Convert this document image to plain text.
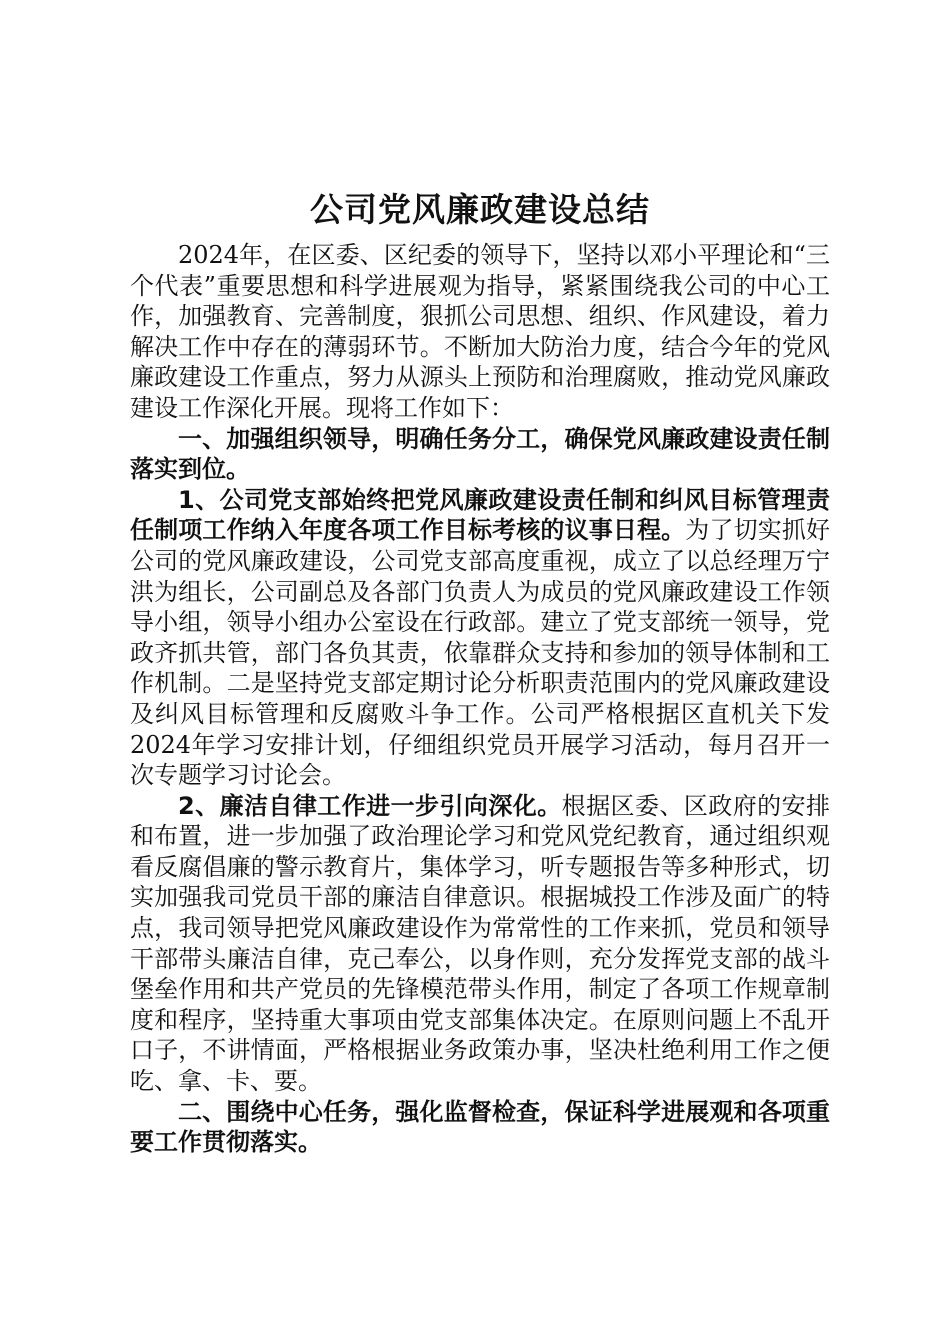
公司党风廉政建设总结

2024年，在区委、区纪委的领导下，坚持以邓小平理论和“三个代表”重要思想和科学进展观为指导，紧紧围绕我公司的中心工作，加强教育、完善制度，狠抓公司思想、组织、作风建设，着力解决工作中存在的薄弱环节。不断加大防治力度，结合今年的党风廉政建设工作重点，努力从源头上预防和治理腐败，推动党风廉政建设工作深化开展。现将工作如下：

一、加强组织领导，明确任务分工，确保党风廉政建设责任制落实到位。

1、公司党支部始终把党风廉政建设责任制和纠风目标管理责任制项工作纳入年度各项工作目标考核的议事日程。为了切实抓好公司的党风廉政建设，公司党支部高度重视，成立了以总经理万宁洪为组长，公司副总及各部门负责人为成员的党风廉政建设工作领导小组，领导小组办公室设在行政部。建立了党支部统一领导，党政齐抓共管，部门各负其责，依靠群众支持和参加的领导体制和工作机制。二是坚持党支部定期讨论分析职责范围内的党风廉政建设及纠风目标管理和反腐败斗争工作。公司严格根据区直机关下发2024年学习安排计划，仔细组织党员开展学习活动，每月召开一次专题学习讨论会。

2、廉洁自律工作进一步引向深化。根据区委、区政府的安排和布置，进一步加强了政治理论学习和党风党纪教育，通过组织观看反腐倡廉的警示教育片，集体学习，听专题报告等多种形式，切实加强我司党员干部的廉洁自律意识。根据城投工作涉及面广的特点，我司领导把党风廉政建设作为常常性的工作来抓，党员和领导干部带头廉洁自律，克己奉公，以身作则，充分发挥党支部的战斗堡垒作用和共产党员的先锋模范带头作用，制定了各项工作规章制度和程序，坚持重大事项由党支部集体决定。在原则问题上不乱开口子，不讲情面，严格根据业务政策办事，坚决杜绝利用工作之便吃、拿、卡、要。

二、围绕中心任务，强化监督检查，保证科学进展观和各项重要工作贯彻落实。
